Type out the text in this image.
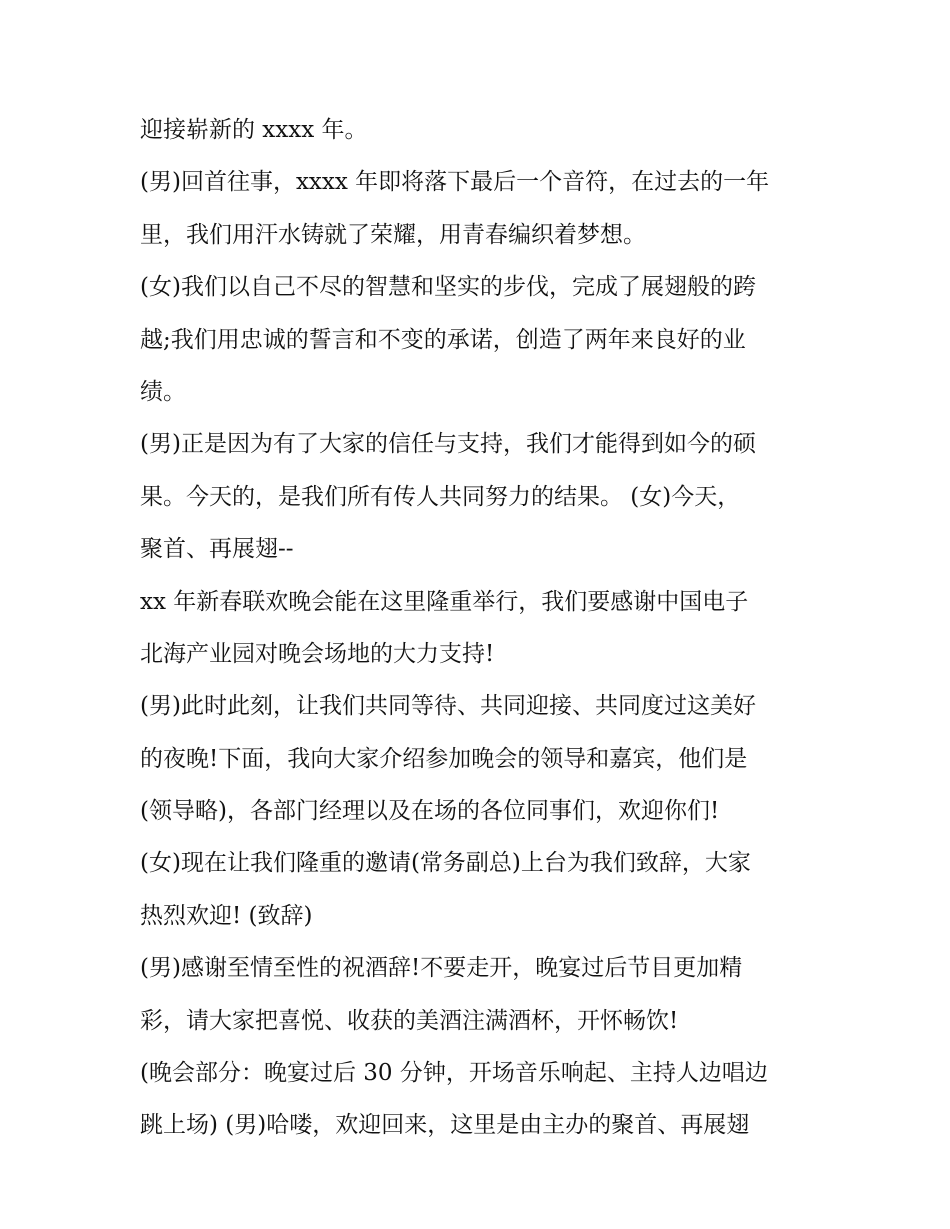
迎接崭新的 xxxx 年。
(男)回首往事，xxxx 年即将落下最后一个音符，在过去的一年
里，我们用汗水铸就了荣耀，用青春编织着梦想。
(女)我们以自己不尽的智慧和坚实的步伐，完成了展翅般的跨
越;我们用忠诚的誓言和不变的承诺，创造了两年来良好的业
绩。
(男)正是因为有了大家的信任与支持，我们才能得到如今的硕
果。今天的，是我们所有传人共同努力的结果。 (女)今天，
聚首、再展翅--
xx 年新春联欢晚会能在这里隆重举行，我们要感谢中国电子
北海产业园对晚会场地的大力支持!
(男)此时此刻，让我们共同等待、共同迎接、共同度过这美好
的夜晚!下面，我向大家介绍参加晚会的领导和嘉宾，他们是
(领导略)，各部门经理以及在场的各位同事们，欢迎你们!
(女)现在让我们隆重的邀请(常务副总)上台为我们致辞，大家
热烈欢迎! (致辞)
(男)感谢至情至性的祝酒辞!不要走开，晚宴过后节目更加精
彩，请大家把喜悦、收获的美酒注满酒杯，开怀畅饮!
(晚会部分：晚宴过后 30 分钟，开场音乐响起、主持人边唱边
跳上场) (男)哈喽，欢迎回来，这里是由主办的聚首、再展翅
